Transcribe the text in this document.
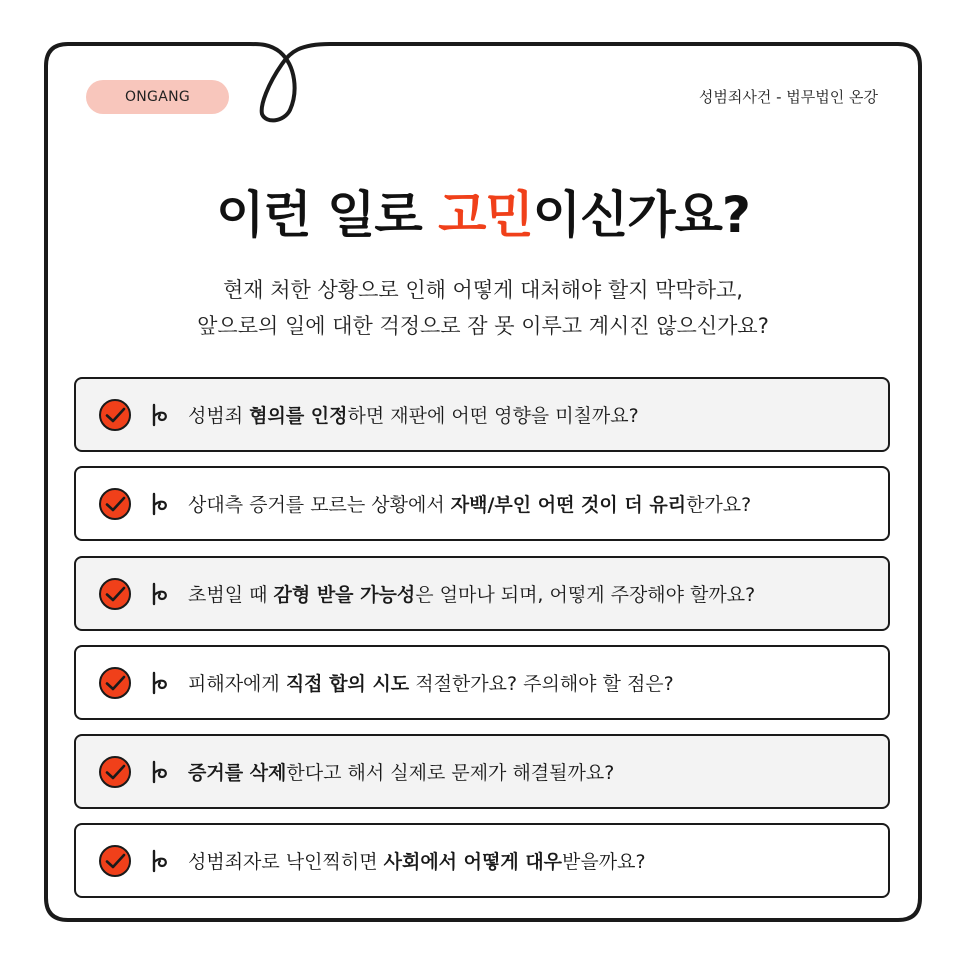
ONGANG	성범죄사건 - 법무법인 온강
이런 일로 고민이신가요?
현재 처한 상황으로 인해 어떻게 대처해야 할지 막막하고,
앞으로의 일에 대한 걱정으로 잠 못 이루고 계시진 않으신가요?
성범죄 혐의를 인정하면 재판에 어떤 영향을 미칠까요?
상대측 증거를 모르는 상황에서 자백/부인 어떤 것이 더 유리한가요?
초범일 때 감형 받을 가능성은 얼마나 되며, 어떻게 주장해야 할까요?
피해자에게 직접 합의 시도 적절한가요? 주의해야 할 점은?
증거를 삭제한다고 해서 실제로 문제가 해결될까요?
성범죄자로 낙인찍히면 사회에서 어떻게 대우받을까요?
